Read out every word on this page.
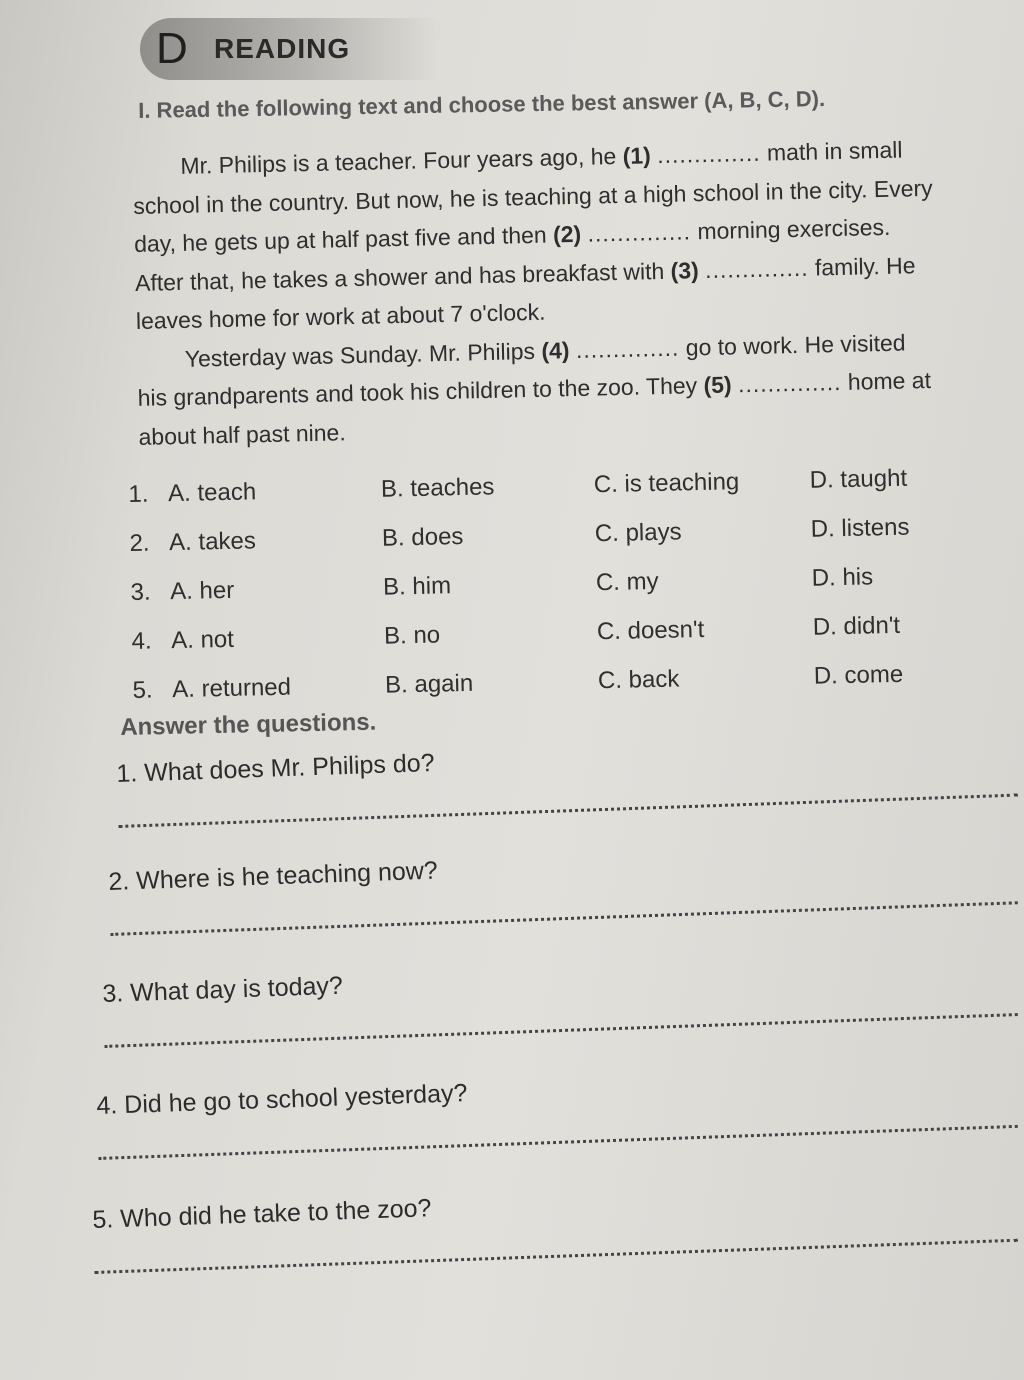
D READING
I. Read the following text and choose the best answer (A, B, C, D).
Mr. Philips is a teacher. Four years ago, he (1) .............. math in small
school in the country. But now, he is teaching at a high school in the city. Every
day, he gets up at half past five and then (2) .............. morning exercises.
After that, he takes a shower and has breakfast with (3) .............. family. He
leaves home for work at about 7 o'clock.
Yesterday was Sunday. Mr. Philips (4) .............. go to work. He visited
his grandparents and took his children to the zoo. They (5) .............. home at
about half past nine.
1. A. teach	B. teaches	C. is teaching	D. taught
2. A. takes	B. does	C. plays	D. listens
3. A. her	B. him	C. my	D. his
4. A. not	B. no	C. doesn't	D. didn't
5. A. returned	B. again	C. back	D. come
Answer the questions.
1. What does Mr. Philips do?
2. Where is he teaching now?
3. What day is today?
4. Did he go to school yesterday?
5. Who did he take to the zoo?
